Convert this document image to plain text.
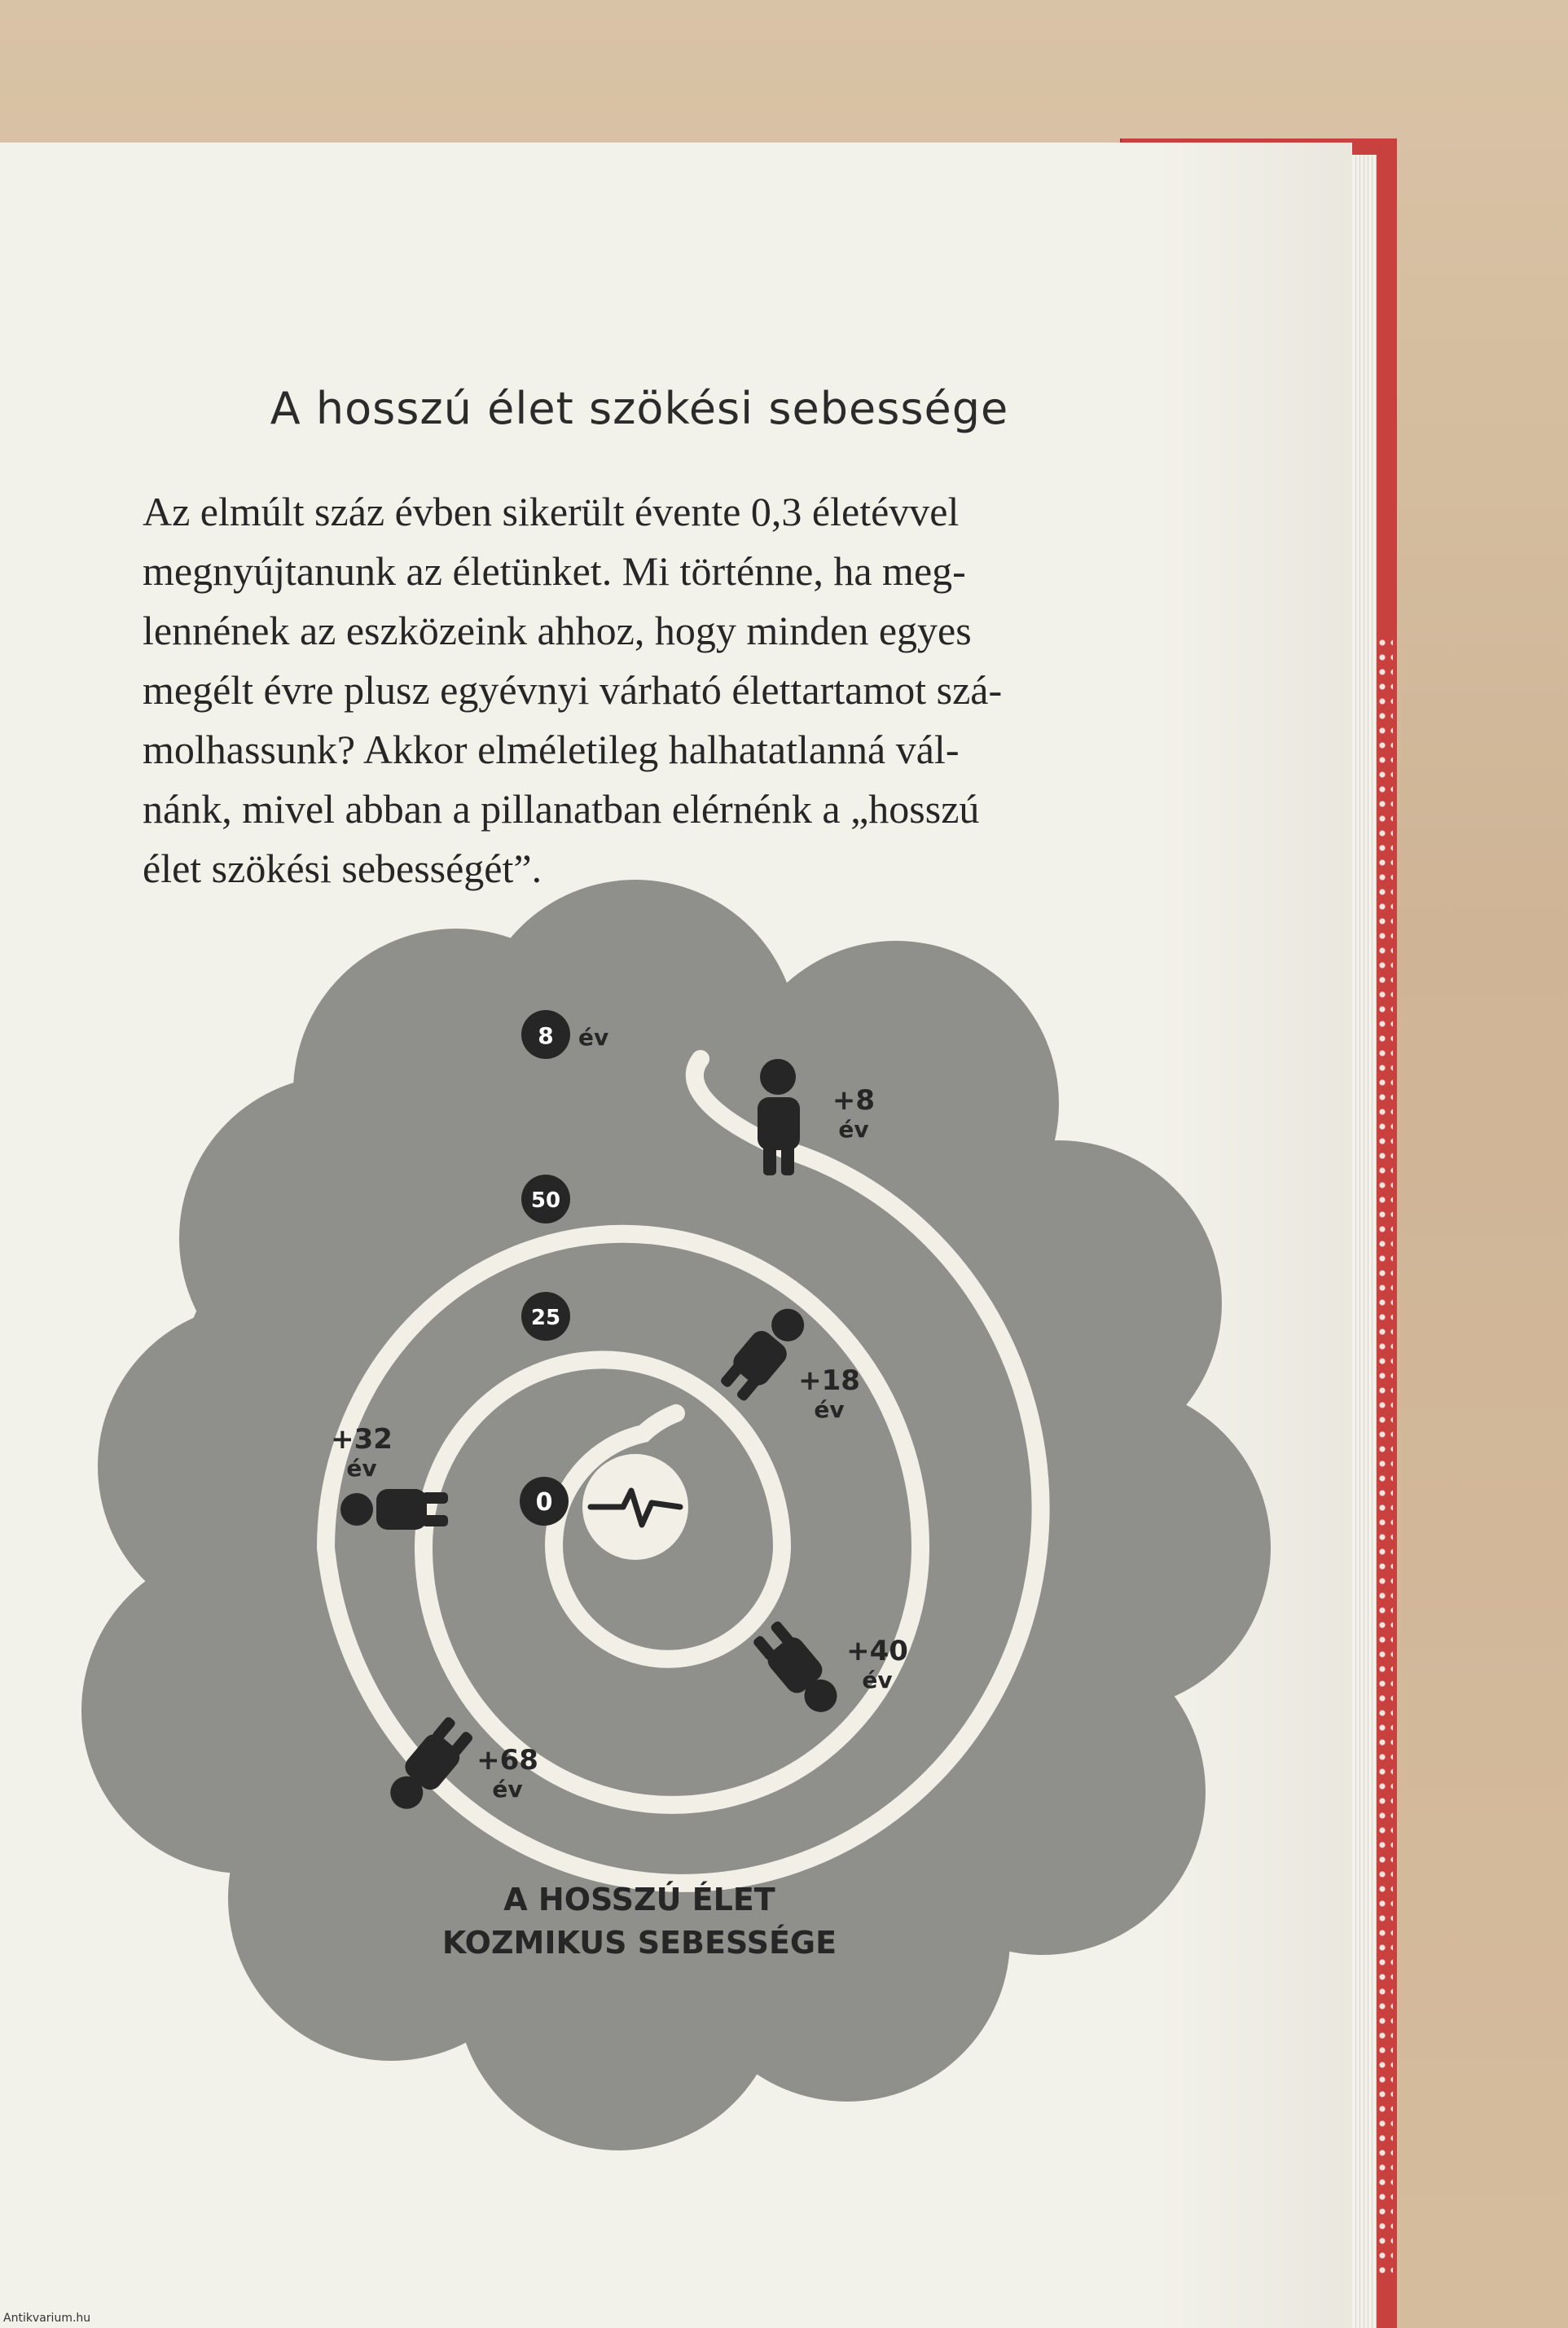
A hosszú élet szökési sebessége

Az elmúlt száz évben sikerült évente 0,3 életévvel
megnyújtanunk az életünket. Mi történne, ha meg-
lennének az eszközeink ahhoz, hogy minden egyes
megélt évre plusz egyévnyi várható élettartamot szá-
molhassunk? Akkor elméletileg halhatatlanná vál-
nánk, mivel abban a pillanatban elérnénk a „hosszú
élet szökési sebességét”.

0
25
50
8 év
+8
év
+18
év
+32
év
+40
év
+68
év
A HOSSZÚ ÉLET
KOZMIKUS SEBESSÉGE
Antikvarium.hu
